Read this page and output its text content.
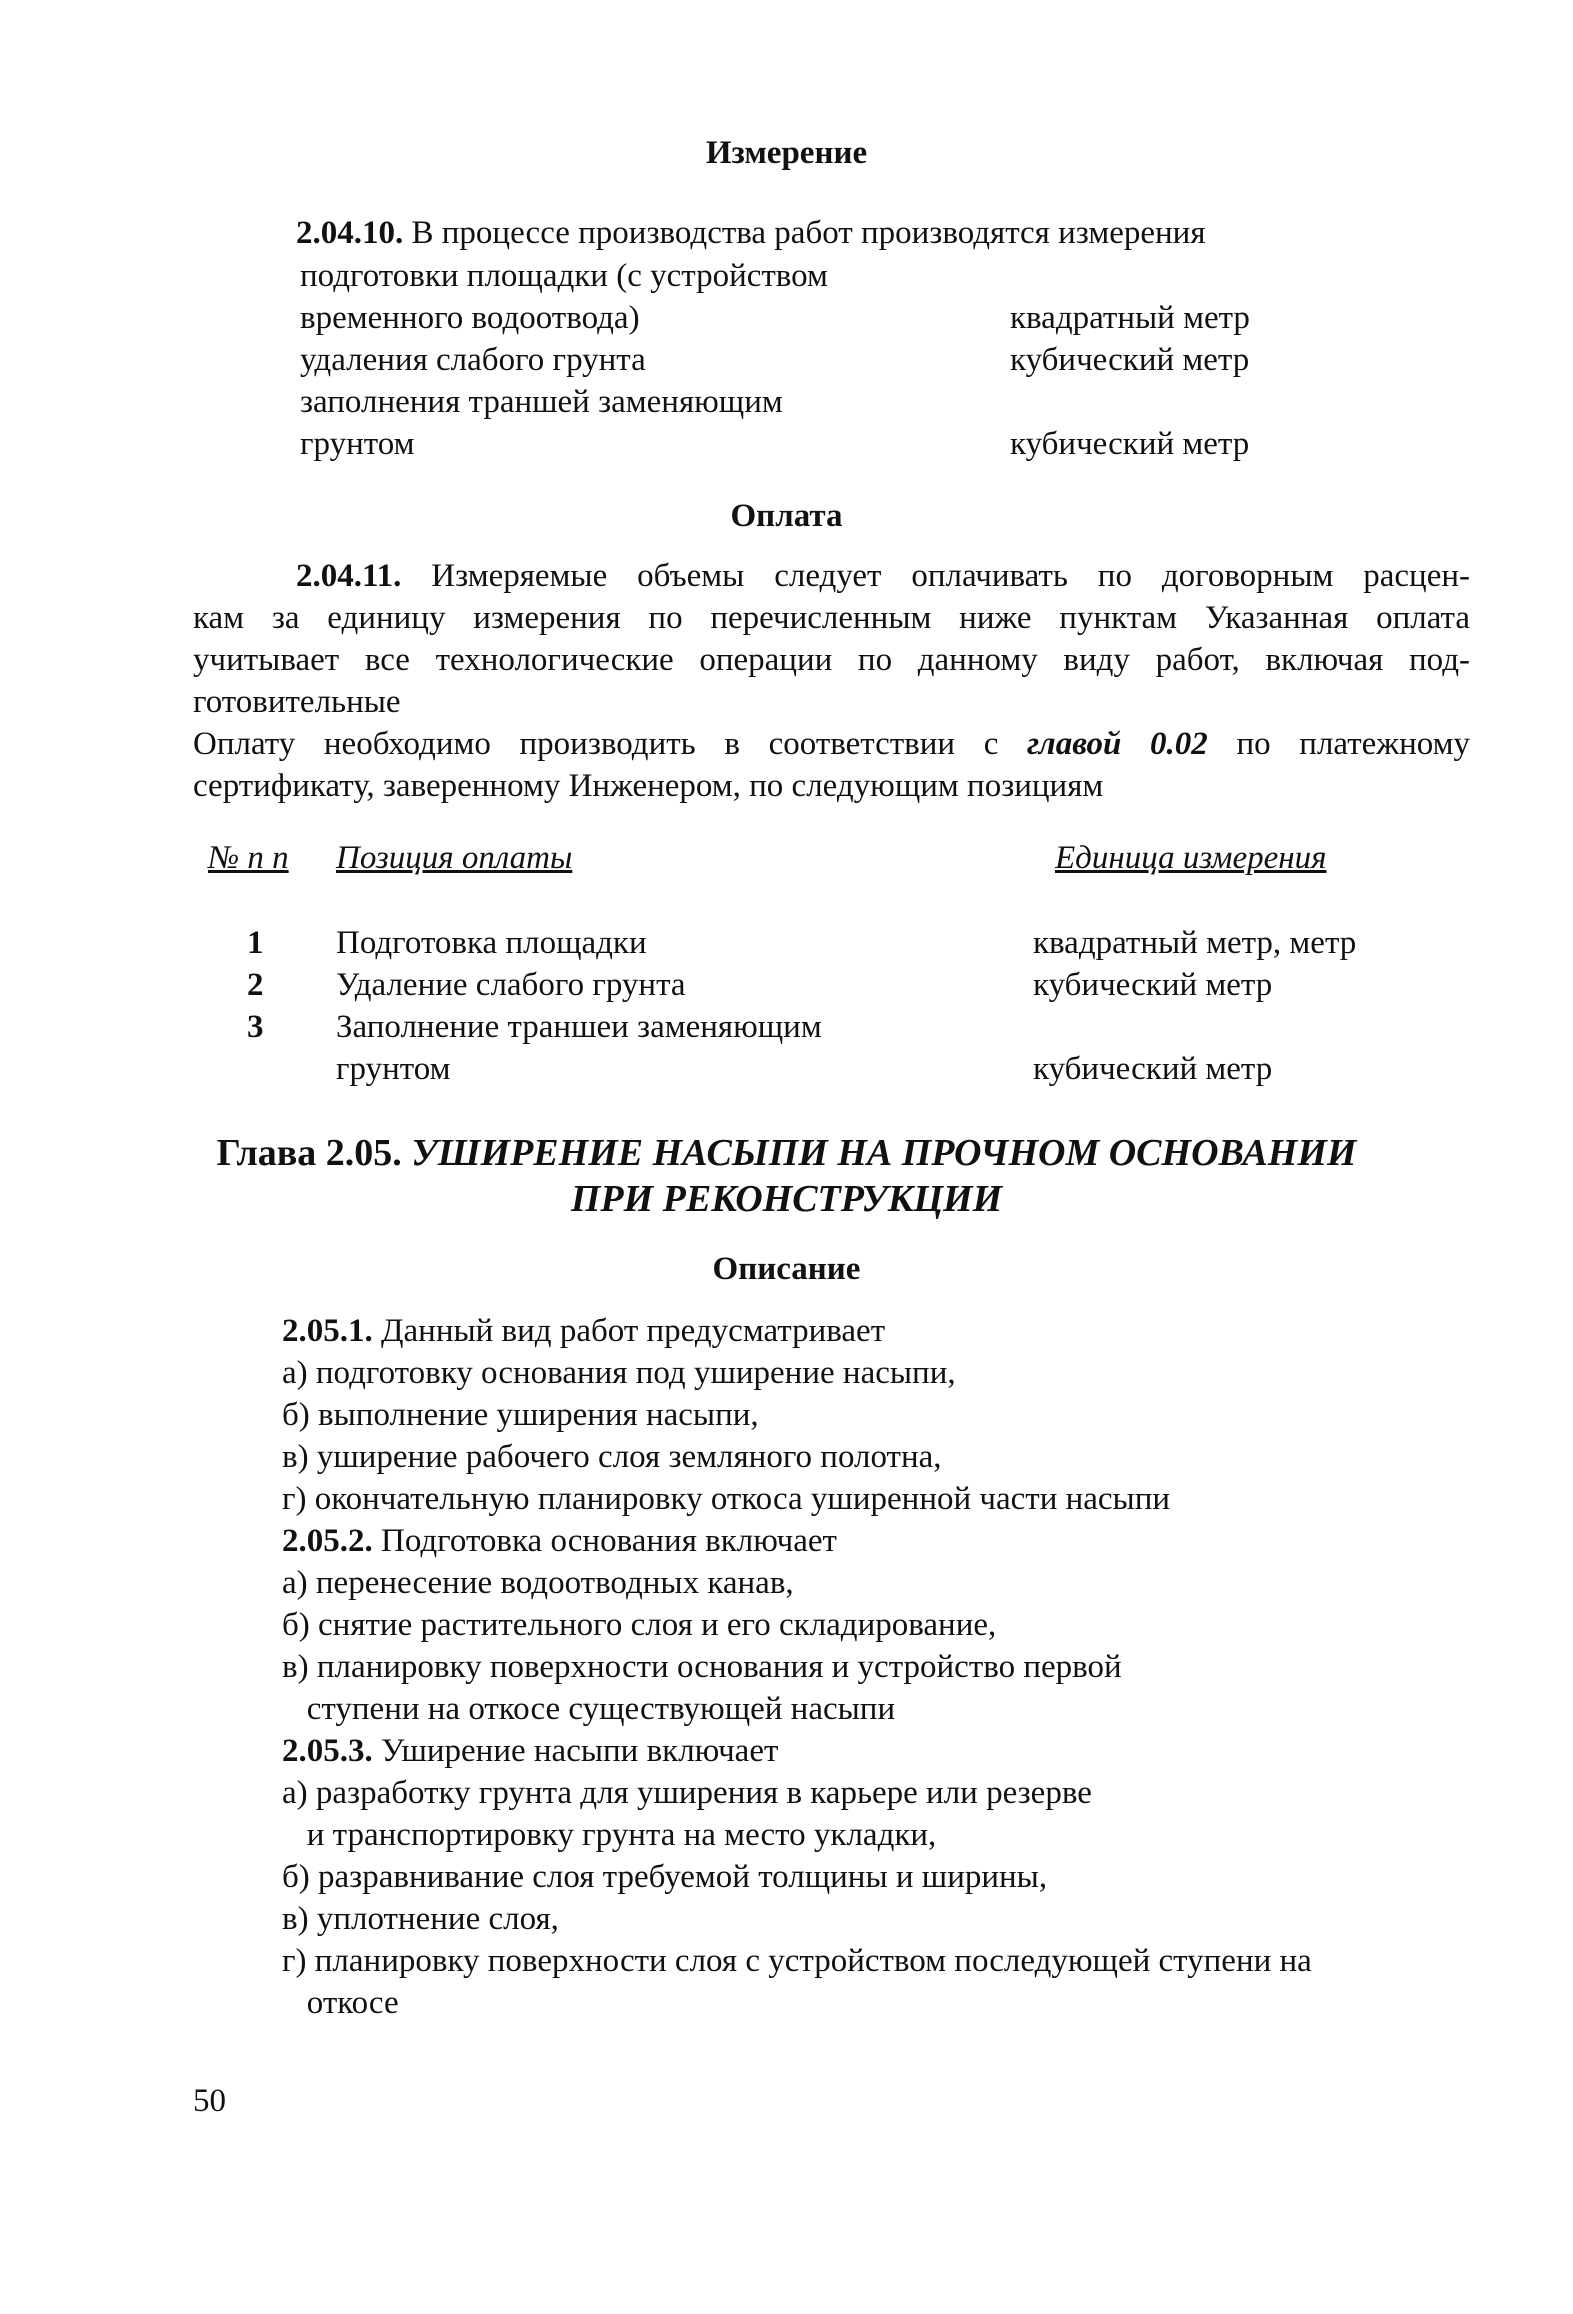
Измерение
2.04.10. В процессе производства работ производятся измерения
подготовки площадки (с устройством
временного водоотвода)	квадратный метр
удаления слабого грунта	кубический метр
заполнения траншей заменяющим
грунтом	кубический метр
Оплата
2.04.11. Измеряемые объемы следует оплачивать по договорным расцен-
кам за единицу измерения по перечисленным ниже пунктам Указанная оплата
учитывает все технологические операции по данному виду работ, включая под-
готовительные
Оплату необходимо производить в соответствии с главой 0.02 по платежному
сертификату, заверенному Инженером, по следующим позициям
№ п п Позиция оплаты	Единица измерения
1 Подготовка площадки	квадратный метр, метр
2 Удаление слабого грунта	кубический метр
3 Заполнение траншеи заменяющим
грунтом	кубический метр
Глава 2.05. УШИРЕНИЕ НАСЫПИ НА ПРОЧНОМ ОСНОВАНИИ
ПРИ РЕКОНСТРУКЦИИ
Описание
2.05.1. Данный вид работ предусматривает
а) подготовку основания под уширение насыпи,
б) выполнение уширения насыпи,
в) уширение рабочего слоя земляного полотна,
г) окончательную планировку откоса уширенной части насыпи
2.05.2. Подготовка основания включает
а) перенесение водоотводных канав,
б) снятие растительного слоя и его складирование,
в) планировку поверхности основания и устройство первой
ступени на откосе существующей насыпи
2.05.3. Уширение насыпи включает
а) разработку грунта для уширения в карьере или резерве
и транспортировку грунта на место укладки,
б) разравнивание слоя требуемой толщины и ширины,
в) уплотнение слоя,
г) планировку поверхности слоя с устройством последующей ступени на
откосе
50
